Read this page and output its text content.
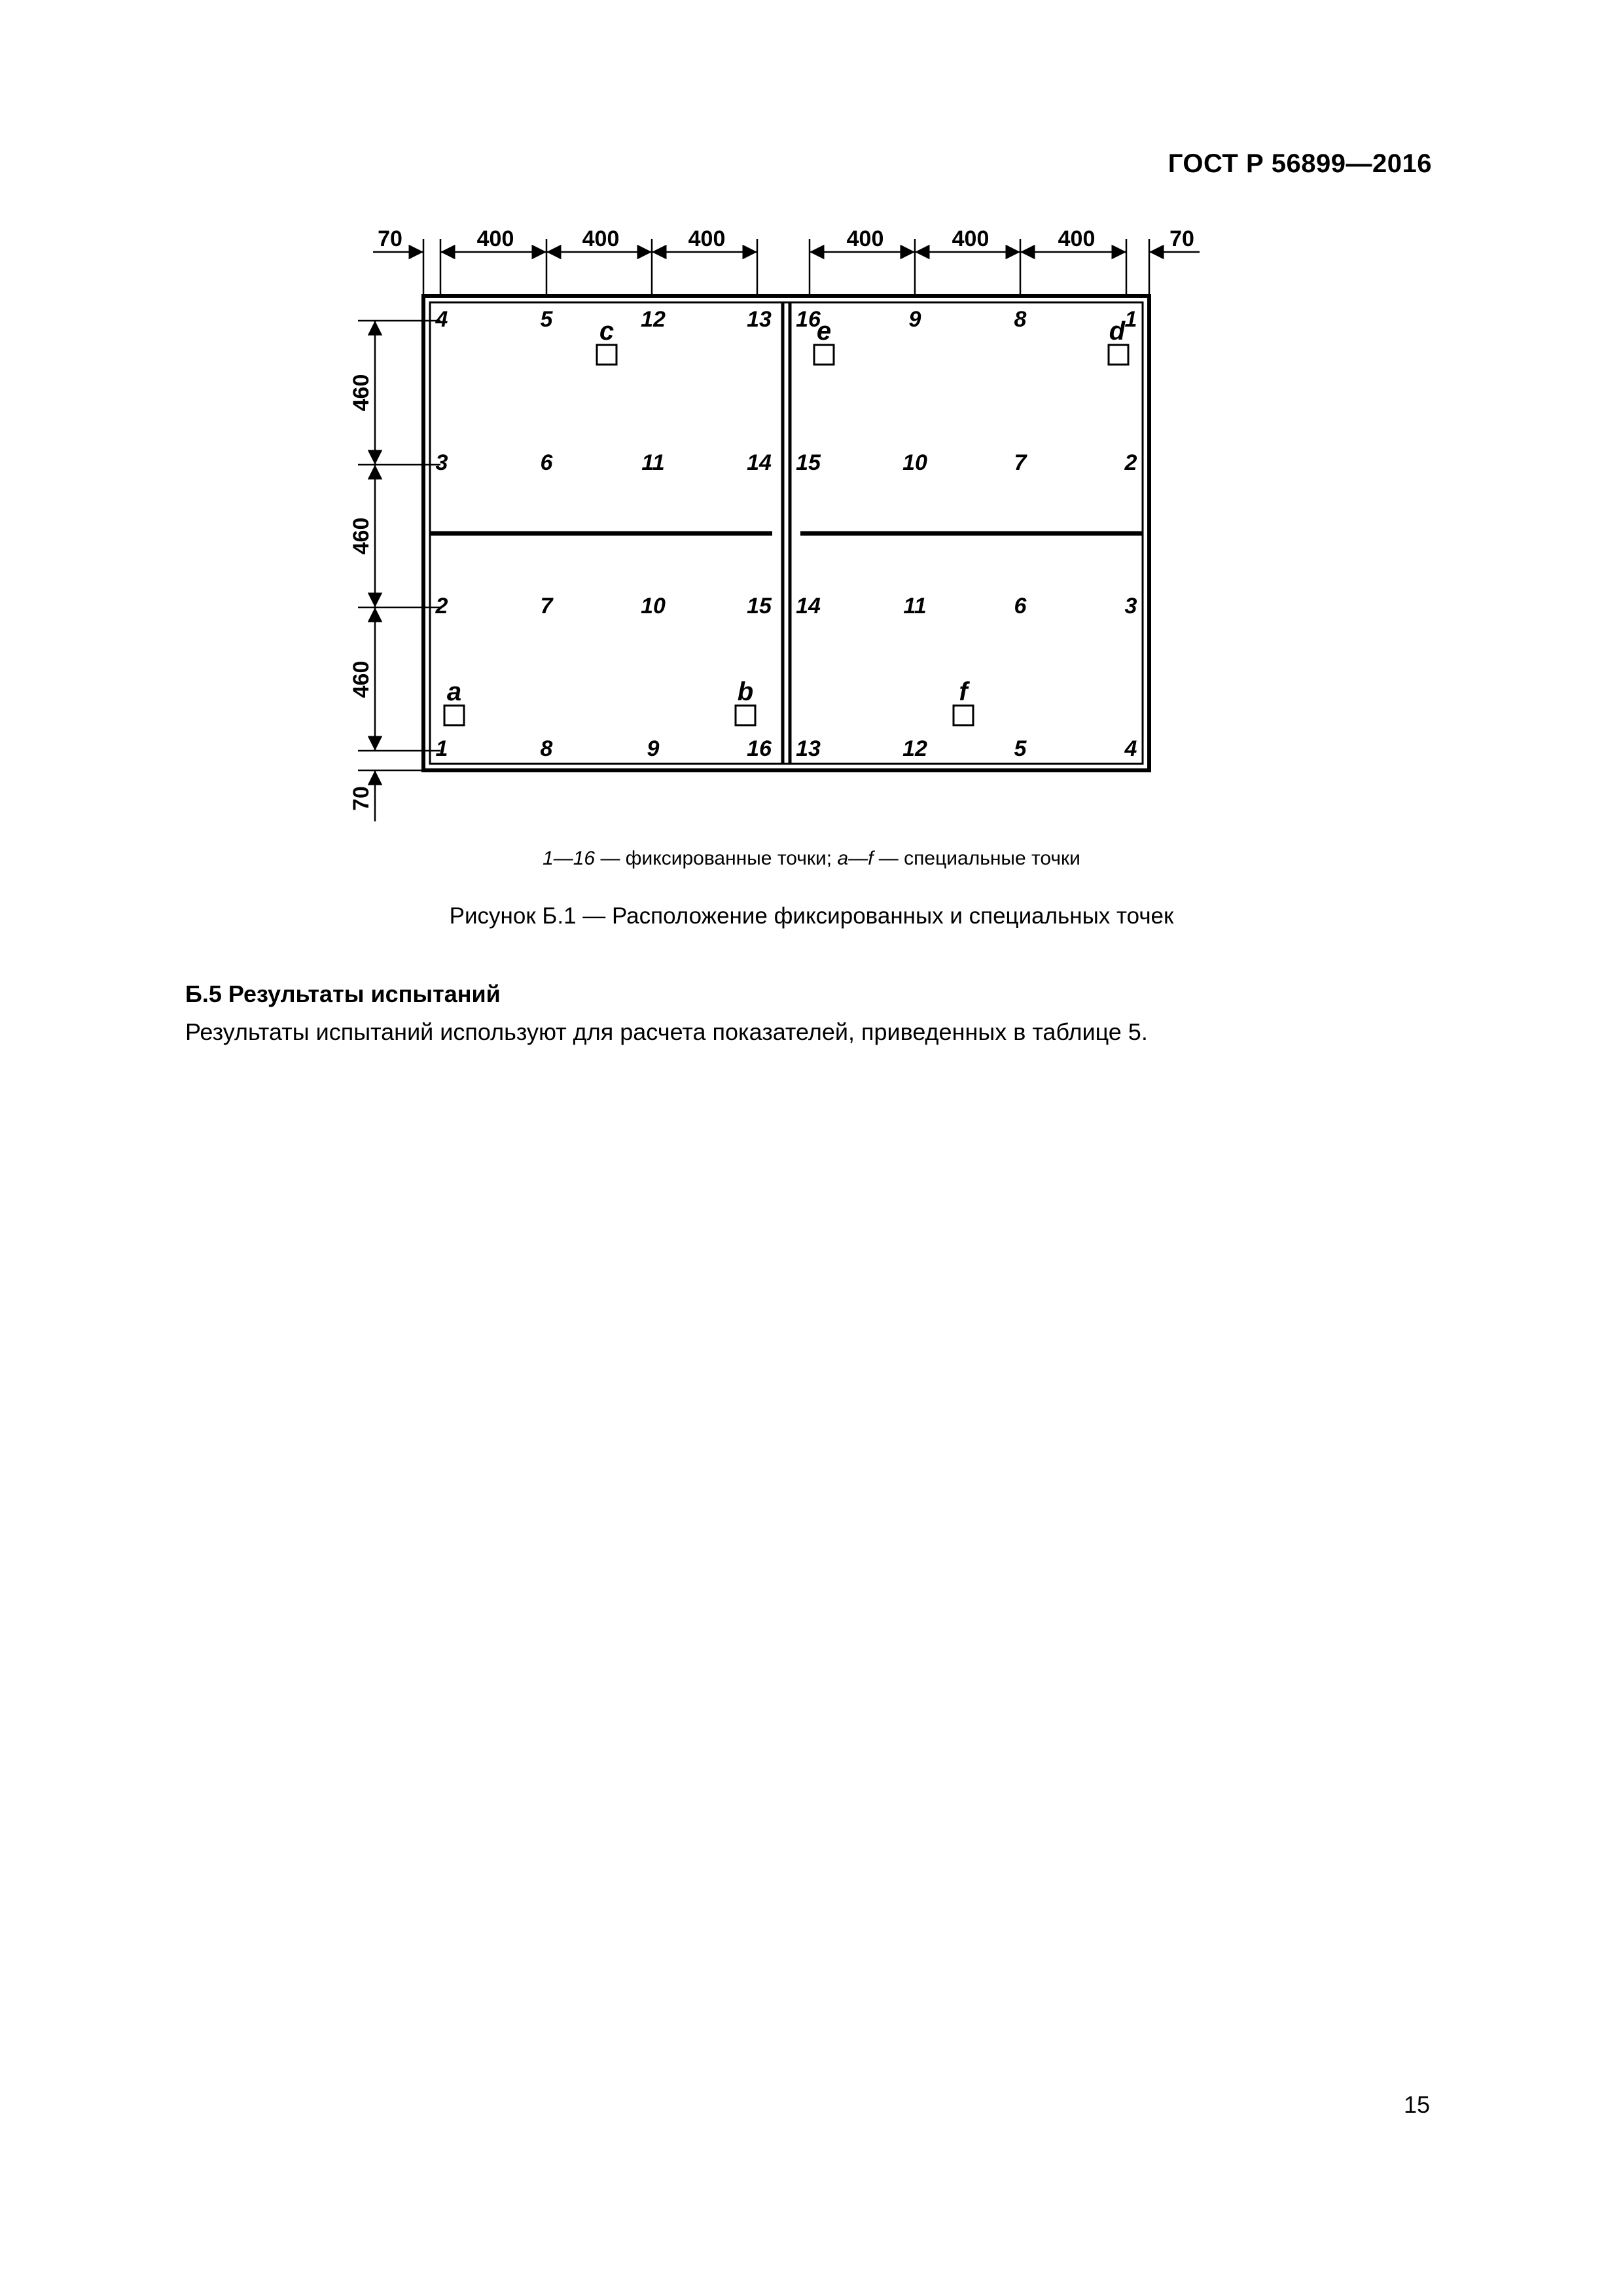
ГОСТ Р 56899—2016
70	400	400	400	400	400	400	70
460
460
460
70
4	5	12	13
3	6	11	14
2	7	10	15
1	8	9	16
16	9	8	1
15	10	7	2
14	11	6	3
13	12	5	4
a	b
c	d
e
f
1—16 — фиксированные точки; a—f — специальные точки
Рисунок Б.1 — Расположение фиксированных и специальных точек
Б.5 Результаты испытаний
Результаты испытаний используют для расчета показателей, приведенных в таблице 5.
15
